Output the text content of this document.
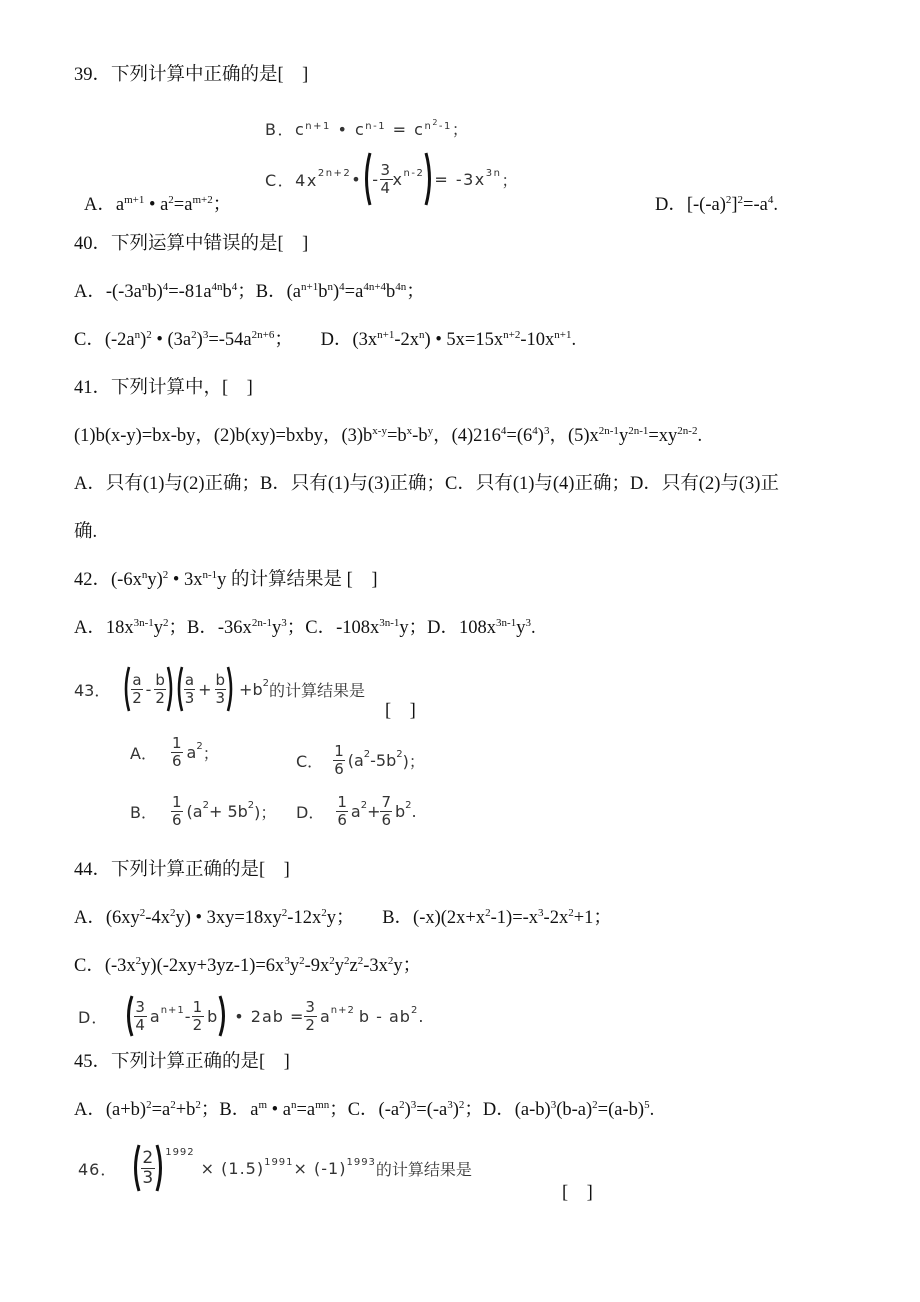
39．下列计算中正确的是[　]
B．$c^{n+1}$ • $c^{n-1} = c^{n^2-1}$；
C．$4x^{2n+2}$ • - $\frac{3}{4} x^{n-2} = -3x^{3n}$ ；
A．$a^{m+1}$ • $a^2=a^{m+2}$；	D．$[-(-a)^2]^2=-a^4$.
40．下列运算中错误的是[　]
A．$-(-3a^nb)^4=-81a^{4n}b^4$；B．$(a^{n+1}b^n)^4=a^{4n+4}b^{4n}$；
C．$(-2a^n)^2$ • $(3a^2)^3=-54a^{2n+6}$；　　D．$(3x^{n+1}-2x^n)$ • $5x=15x^{n+2}-10x^{n+1}$.
41．下列计算中，[　]
(1)b(x-y)=bx-by，(2)b(xy)=bxby，$(3)b^{x-y}=b^x-b^y$，$(4)216^4=(6^4)^3$，$(5)x^{2n-1}y^{2n-1}=xy^{2n-2}$.
A．只有(1)与(2)正确；B．只有(1)与(3)正确；C．只有(1)与(4)正确；D．只有(2)与(3)正
确.
42．$(-6x^ny)^2$ • $3x^{n-1}y$ 的计算结果是 [　]
A．$18x^{3n-1}y^2$；B．$-36x^{2n-1}y^3$；C．$-108x^{3n-1}y$；D．$108x^{3n-1}y^3$.
43． $\frac{a}{2} - \frac{b}{2} \frac{a}{3} + \frac{b}{3} +b^2$ 的计算结果是
[　]
A． $\frac{1}{6} a^2$ ；	C． $\frac{1}{6} (a^2$ $-5b^2$ )；
B． $\frac{1}{6} (a^2 + 5b^2$ )； D． $\frac{1}{6} a^2 + \frac{7}{6} b^2$ .
44．下列计算正确的是[　]
A．$(6xy^2-4x^2y)$ • $3xy=18xy^2-12x^2y$；　　B．$(-x)(2x+x^2-1)=-x^3-2x^2+1$；
C．$(-3x^2y)(-2xy+3yz-1)=6x^3y^2-9x^2y^2z^2-3x^2y$；
D． $\frac{3}{4} a^{n+1} - \frac{1}{2}$ b • $2ab = \frac{3}{2} a^{n+2}$ b - $ab^2$ .
45．下列计算正确的是[　]
A．$(a+b)^2=a^2+b^2$；B．$a^m$ • $a^n=a^{mn}$；C．$(-a^2)^3=(-a^3)^2$；D．$(a-b)^3(b-a)^2=(a-b)^5$.
46． $\frac{2}{3} ^{1992}$
× $(1.5)^{1991} \times (-1)^{1993}$ 的计算结果是
[　]
